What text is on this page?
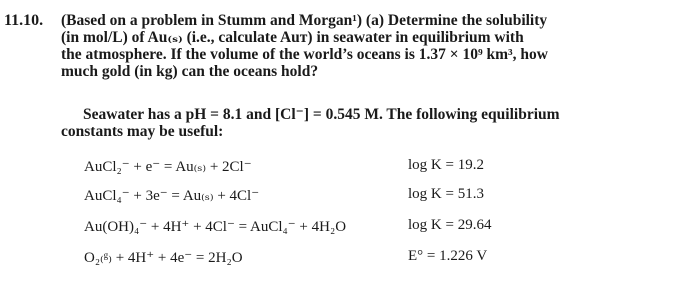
11.10. (Based on a problem in Stumm and Morgan¹) (a) Determine the solubility
(in mol/L) of Au₍ₛ₎ (i.e., calculate Auᴛ) in seawater in equilibrium with
the atmosphere. If the volume of the world’s oceans is 1.37 × 10⁹ km³, how
much gold (in kg) can the oceans hold?
Seawater has a pH = 8.1 and [Cl⁻] = 0.545 M. The following equilibrium
constants may be useful:
AuCl₂⁻ + e⁻ = Au₍ₛ₎ + 2Cl⁻	log K = 19.2
AuCl₄⁻ + 3e⁻ = Au₍ₛ₎ + 4Cl⁻	log K = 51.3
Au(OH)₄⁻ + 4H⁺ + 4Cl⁻ = AuCl₄⁻ + 4H₂O	log K = 29.64
O₂₍ᵍ₎ + 4H⁺ + 4e⁻ = 2H₂O	E° = 1.226 V
